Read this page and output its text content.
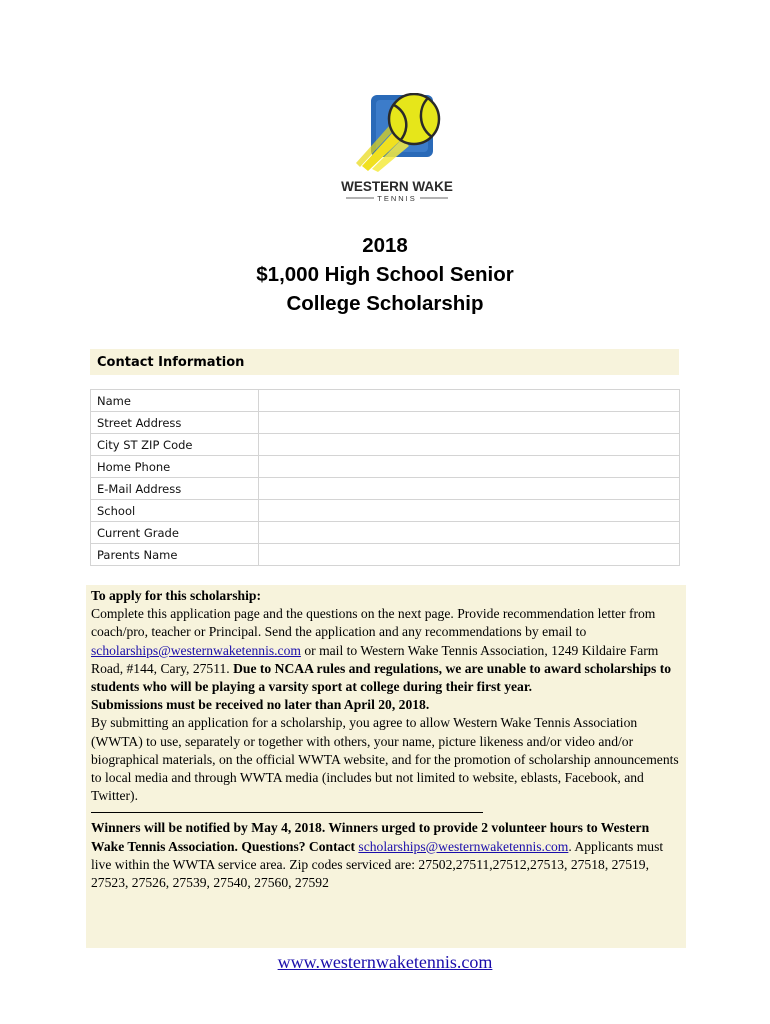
WESTERN WAKE
TENNIS
2018
$1,000 High School Senior
College Scholarship
Contact Information
Name	
Street Address	
City ST ZIP Code	
Home Phone	
E-Mail Address	
School	
Current Grade	
Parents Name	

To apply for this scholarship:

Complete this application page and the questions on the next page. Provide recommendation letter from coach/pro, teacher or Principal. Send the application and any recommendations by email to scholarships@westernwaketennis.com or mail to Western Wake Tennis Association, 1249 Kildaire Farm Road, #144, Cary, 27511. Due to NCAA rules and regulations, we are unable to award scholarships to students who will be playing a varsity sport at college during their first year.

Submissions must be received no later than April 20, 2018.

By submitting an application for a scholarship, you agree to allow Western Wake Tennis Association (WWTA) to use, separately or together with others, your name, picture likeness and/or video and/or biographical materials, on the official WWTA website, and for the promotion of scholarship announcements to local media and through WWTA media (includes but not limited to website, eblasts, Facebook, and Twitter).

Winners will be notified by May 4, 2018. Winners urged to provide 2 volunteer hours to Western Wake Tennis Association. Questions? Contact scholarships@westernwaketennis.com. Applicants must live within the WWTA service area. Zip codes serviced are: 27502,27511,27512,27513, 27518, 27519, 27523, 27526, 27539, 27540, 27560, 27592

www.westernwaketennis.com
